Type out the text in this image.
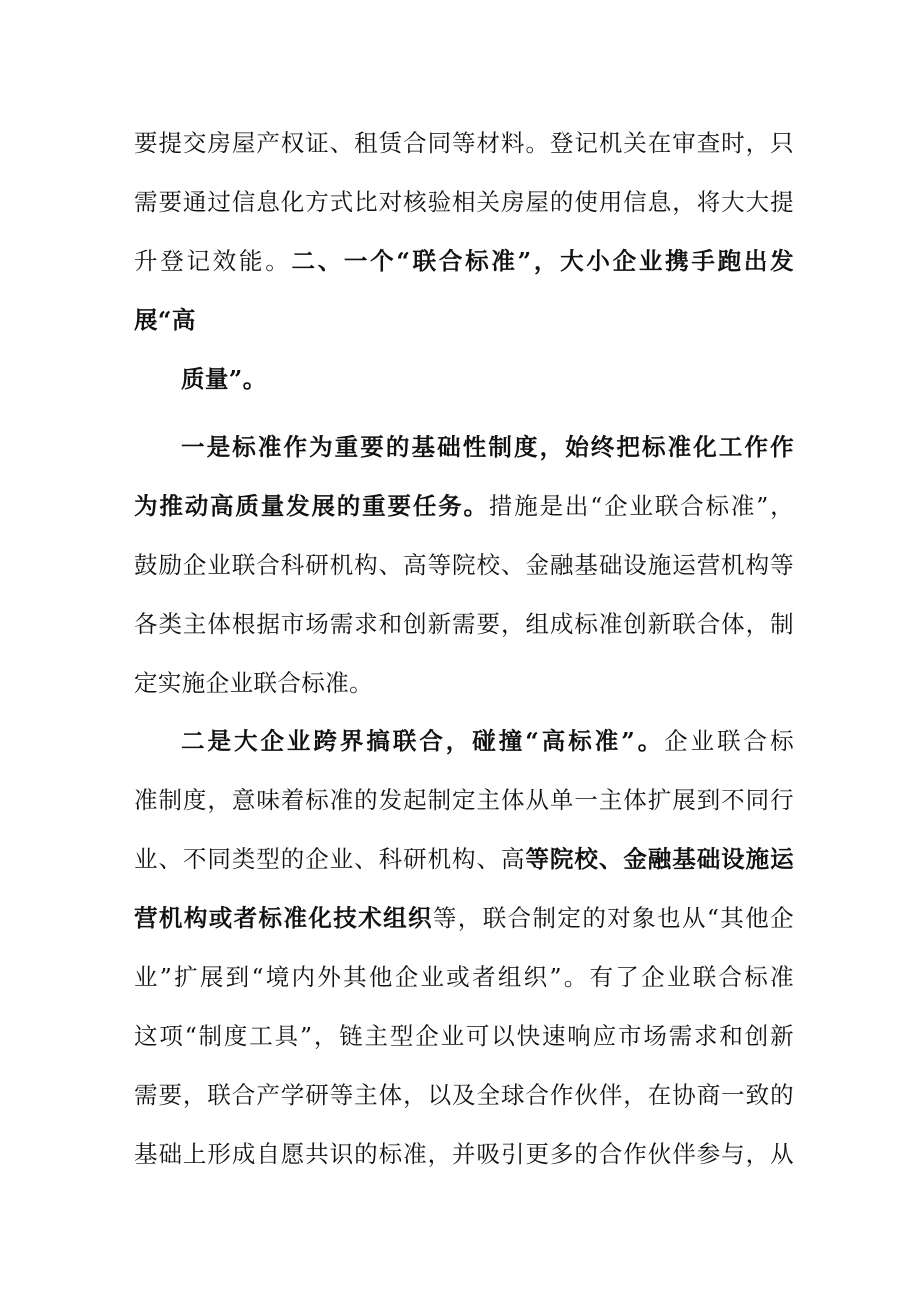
要提交房屋产权证、租赁合同等材料。登记机关在审查时，只
需要通过信息化方式比对核验相关房屋的使用信息，将大大提
升登记效能。二、一个“联合标准”，大小企业携手跑出发
展“高
质量”。
一是标准作为重要的基础性制度，始终把标准化工作作
为推动高质量发展的重要任务。措施是出“企业联合标准”，
鼓励企业联合科研机构、高等院校、金融基础设施运营机构等
各类主体根据市场需求和创新需要，组成标准创新联合体，制
定实施企业联合标准。
二是大企业跨界搞联合，碰撞“高标准”。企业联合标
准制度，意味着标准的发起制定主体从单一主体扩展到不同行
业、不同类型的企业、科研机构、高等院校、金融基础设施运
营机构或者标准化技术组织等，联合制定的对象也从“其他企
业”扩展到“境内外其他企业或者组织”。有了企业联合标准
这项“制度工具”，链主型企业可以快速响应市场需求和创新
需要，联合产学研等主体，以及全球合作伙伴，在协商一致的
基础上形成自愿共识的标准，并吸引更多的合作伙伴参与，从
